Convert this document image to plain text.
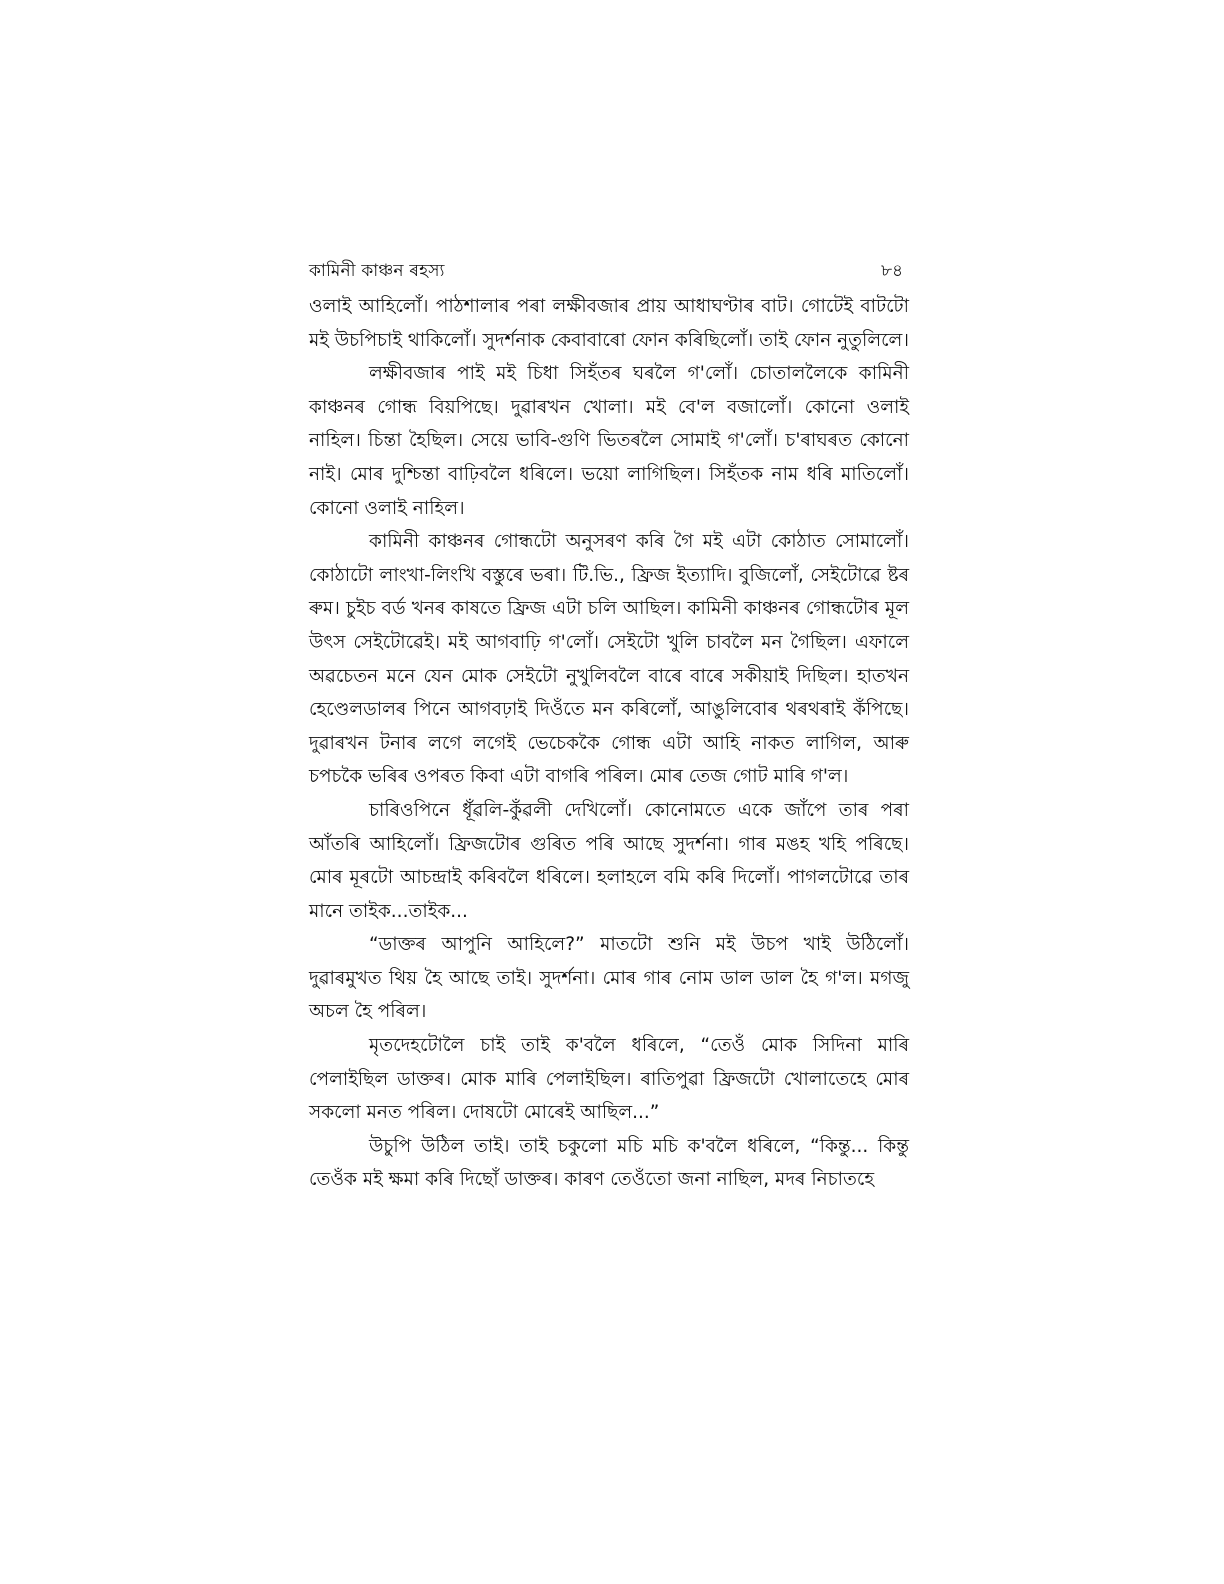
কামিনী কাঞ্চন ৰহস্য	৮৪

ওলাই আহিলোঁ। পাঠশালাৰ পৰা লক্ষীবজাৰ প্ৰায় আধাঘণ্টাৰ বাট। গোটেই বাটটো মই উচপিচাই থাকিলোঁ। সুদৰ্শনাক কেবাবাৰো ফোন কৰিছিলোঁ। তাই ফোন নুতুলিলে।

লক্ষীবজাৰ পাই মই চিধা সিহঁতৰ ঘৰলৈ গ'লোঁ। চোতাললৈকে কামিনী কাঞ্চনৰ গোন্ধ বিয়পিছে। দুৱাৰখন খোলা। মই বে'ল বজালোঁ। কোনো ওলাই নাহিল। চিন্তা হৈছিল। সেয়ে ভাবি-গুণি ভিতৰলৈ সোমাই গ'লোঁ। চ'ৰাঘৰত কোনো নাই। মোৰ দুশ্চিন্তা বাঢ়িবলৈ ধৰিলে। ভয়ো লাগিছিল। সিহঁতক নাম ধৰি মাতিলোঁ। কোনো ওলাই নাহিল।

কামিনী কাঞ্চনৰ গোন্ধটো অনুসৰণ কৰি গৈ মই এটা কোঠাত সোমালোঁ। কোঠাটো লাংখা-লিংখি বস্তুৰে ভৰা। টি.ভি., ফ্ৰিজ ইত্যাদি। বুজিলোঁ, সেইটোৱে ষ্টৰ ৰুম। চুইচ বৰ্ড খনৰ কাষতে ফ্ৰিজ এটা চলি আছিল। কামিনী কাঞ্চনৰ গোন্ধটোৰ মূল উৎস সেইটোৱেই। মই আগবাঢ়ি গ'লোঁ। সেইটো খুলি চাবলৈ মন গৈছিল। এফালে অৱচেতন মনে যেন মোক সেইটো নুখুলিবলৈ বাৰে বাৰে সকীয়াই দিছিল। হাতখন হেণ্ডেলডালৰ পিনে আগবঢ়াই দিওঁতে মন কৰিলোঁ, আঙুলিবোৰ থৰথৰাই কঁপিছে। দুৱাৰখন টনাৰ লগে লগেই ভেচেককৈ গোন্ধ এটা আহি নাকত লাগিল, আৰু চপচকৈ ভৰিৰ ওপৰত কিবা এটা বাগৰি পৰিল। মোৰ তেজ গোট মাৰি গ'ল।

চাৰিওপিনে ধূঁৱলি-কুঁৱলী দেখিলোঁ। কোনোমতে একে জাঁপে তাৰ পৰা আঁতৰি আহিলোঁ। ফ্ৰিজটোৰ গুৰিত পৰি আছে সুদৰ্শনা। গাৰ মঙহ খহি পৰিছে। মোৰ মূৰটো আচন্দ্ৰাই কৰিবলৈ ধৰিলে। হলাহলে বমি কৰি দিলোঁ। পাগলটোৱে তাৰ মানে তাইক...তাইক...

“ডাক্তৰ আপুনি আহিলে?” মাতটো শুনি মই উচপ খাই উঠিলোঁ। দুৱাৰমুখত থিয় হৈ আছে তাই। সুদৰ্শনা। মোৰ গাৰ নোম ডাল ডাল হৈ গ'ল। মগজু অচল হৈ পৰিল।

মৃতদেহটোলৈ চাই তাই ক'বলৈ ধৰিলে, “তেওঁ মোক সিদিনা মাৰি পেলাইছিল ডাক্তৰ। মোক মাৰি পেলাইছিল। ৰাতিপুৱা ফ্ৰিজটো খোলাতেহে মোৰ সকলো মনত পৰিল। দোষটো মোৰেই আছিল...”

উচুপি উঠিল তাই। তাই চকুলো মচি মচি ক'বলৈ ধৰিলে, “কিন্তু... কিন্তু তেওঁক মই ক্ষমা কৰি দিছোঁ ডাক্তৰ। কাৰণ তেওঁতো জনা নাছিল, মদৰ নিচাতহে
